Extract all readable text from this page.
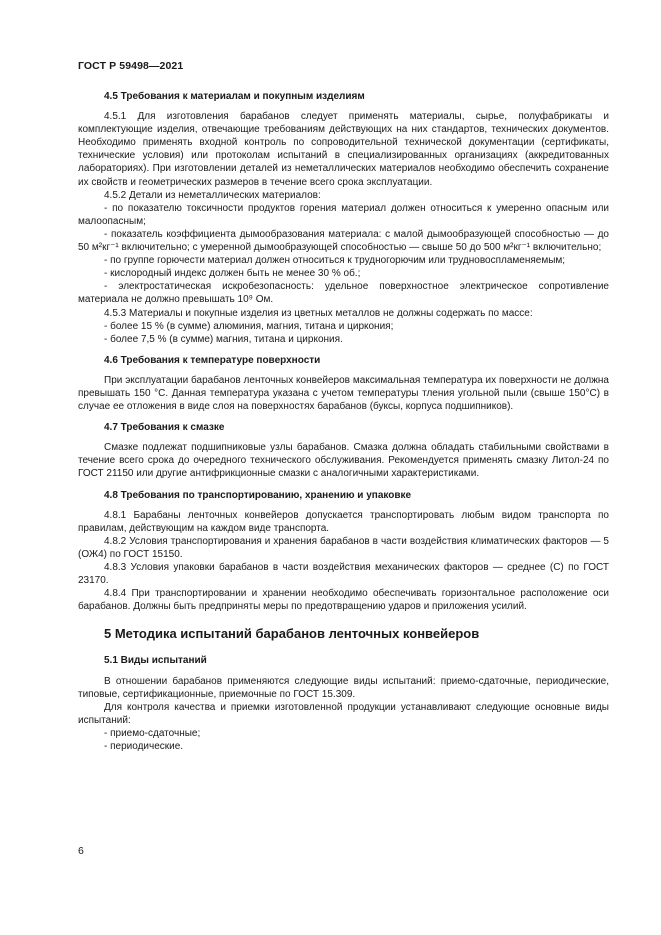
ГОСТ Р 59498—2021
4.5 Требования к материалам и покупным изделиям
4.5.1 Для изготовления барабанов следует применять материалы, сырье, полуфабрикаты и комплектующие изделия, отвечающие требованиям действующих на них стандартов, технических документов. Необходимо применять входной контроль по сопроводительной технической документации (сертификаты, технические условия) или протоколам испытаний в специализированных организациях (аккредитованных лабораториях). При изготовлении деталей из неметаллических материалов необходимо обеспечить сохранение их свойств и геометрических размеров в течение всего срока эксплуатации.
4.5.2 Детали из неметаллических материалов:
- по показателю токсичности продуктов горения материал должен относиться к умеренно опасным или малоопасным;
- показатель коэффициента дымообразования материала: с малой дымообразующей способностью — до 50 м²кг⁻¹ включительно; с умеренной дымообразующей способностью — свыше 50 до 500 м²кг⁻¹ включительно;
- по группе горючести материал должен относиться к трудногорючим или трудновоспламеняемым;
- кислородный индекс должен быть не менее 30 % об.;
- электростатическая искробезопасность: удельное поверхностное электрическое сопротивление материала не должно превышать 10⁹ Ом.
4.5.3 Материалы и покупные изделия из цветных металлов не должны содержать по массе:
- более 15 % (в сумме) алюминия, магния, титана и циркония;
- более 7,5 % (в сумме) магния, титана и циркония.
4.6 Требования к температуре поверхности
При эксплуатации барабанов ленточных конвейеров максимальная температура их поверхности не должна превышать 150 °С. Данная температура указана с учетом температуры тления угольной пыли (свыше 150°С) в случае ее отложения в виде слоя на поверхностях барабанов (буксы, корпуса подшипников).
4.7 Требования к смазке
Смазке подлежат подшипниковые узлы барабанов. Смазка должна обладать стабильными свойствами в течение всего срока до очередного технического обслуживания. Рекомендуется применять смазку Литол-24 по ГОСТ 21150 или другие антифрикционные смазки с аналогичными характеристиками.
4.8 Требования по транспортированию, хранению и упаковке
4.8.1 Барабаны ленточных конвейеров допускается транспортировать любым видом транспорта по правилам, действующим на каждом виде транспорта.
4.8.2 Условия транспортирования и хранения барабанов в части воздействия климатических факторов — 5 (ОЖ4) по ГОСТ 15150.
4.8.3 Условия упаковки барабанов в части воздействия механических факторов — среднее (С) по ГОСТ 23170.
4.8.4 При транспортировании и хранении необходимо обеспечивать горизонтальное расположение оси барабанов. Должны быть предприняты меры по предотвращению ударов и приложения усилий.
5 Методика испытаний барабанов ленточных конвейеров
5.1 Виды испытаний
В отношении барабанов применяются следующие виды испытаний: приемо-сдаточные, периодические, типовые, сертификационные, приемочные по ГОСТ 15.309.
Для контроля качества и приемки изготовленной продукции устанавливают следующие основные виды испытаний:
- приемо-сдаточные;
- периодические.
6
